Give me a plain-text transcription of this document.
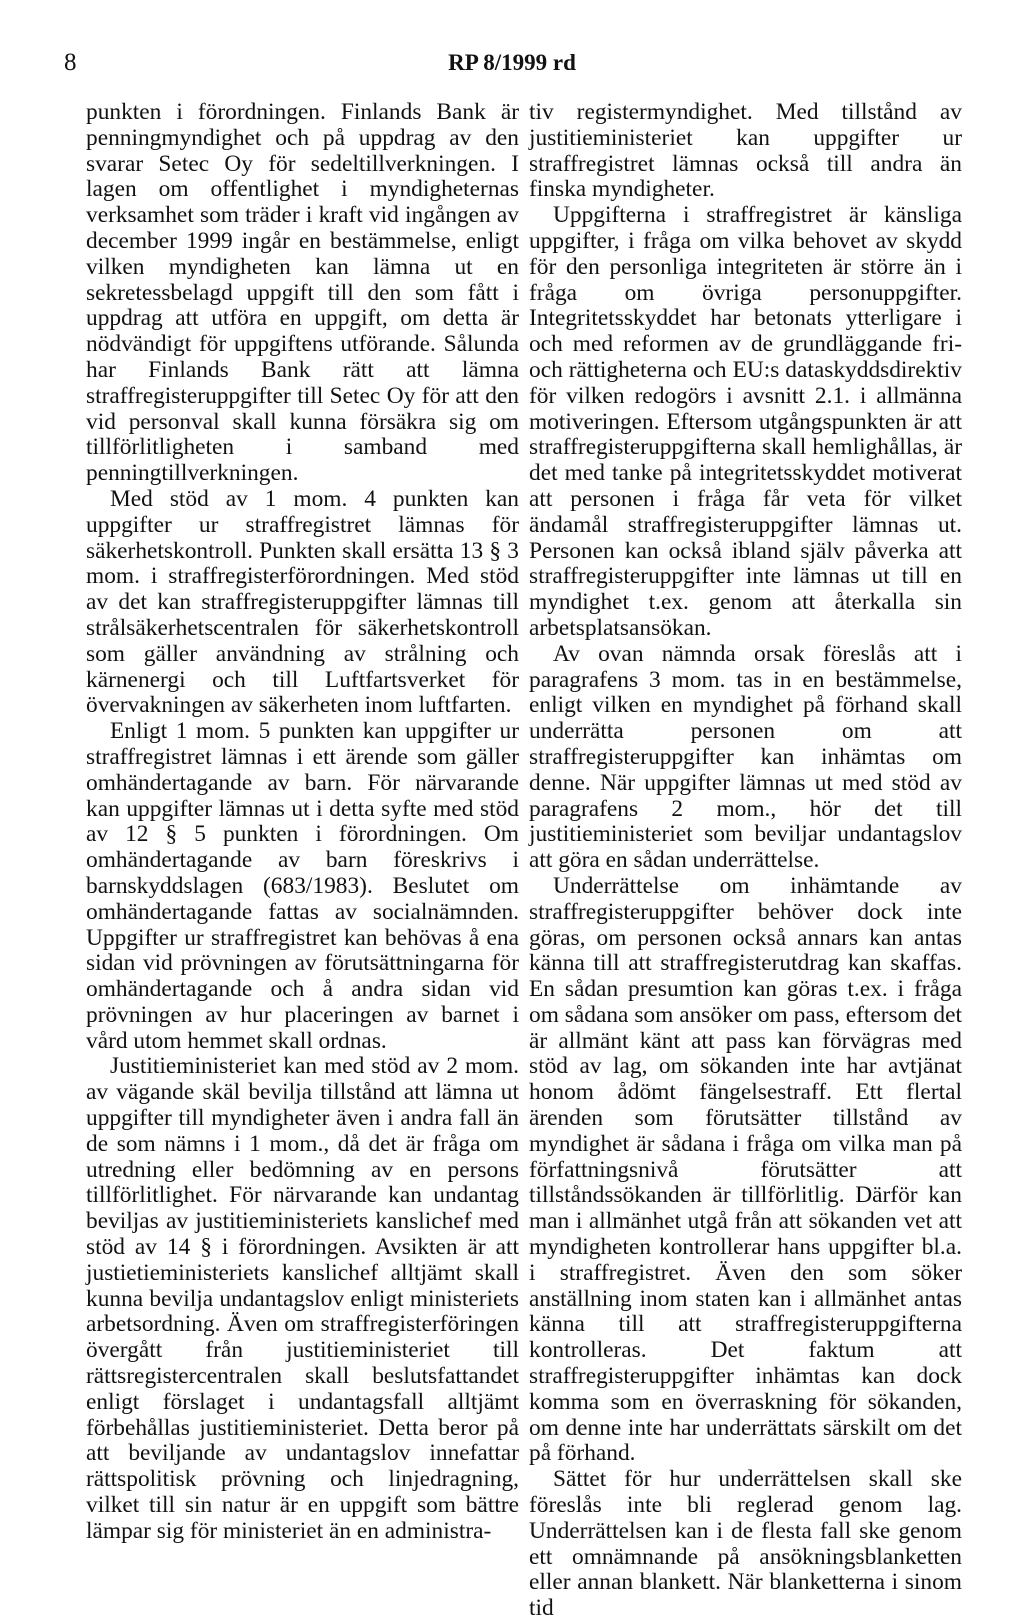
8	RP 8/1999 rd

punkten i förordningen. Finlands Bank är penningmyndighet och på uppdrag av den svarar Setec Oy för sedeltillverkningen. I lagen om offentlighet i myndigheternas verksamhet som träder i kraft vid ingången av december 1999 ingår en bestämmelse, enligt vilken myndigheten kan lämna ut en sekretessbelagd uppgift till den som fått i uppdrag att utföra en uppgift, om detta är nödvändigt för uppgiftens utförande. Sålunda har Finlands Bank rätt att lämna straffregisteruppgifter till Setec Oy för att den vid personval skall kunna försäkra sig om tillförlitligheten i samband med penningtillverkningen.

Med stöd av 1 mom. 4 punkten kan uppgifter ur straffregistret lämnas för säkerhetskontroll. Punkten skall ersätta 13 § 3 mom. i straffregisterförordningen. Med stöd av det kan straffregisteruppgifter lämnas till strålsäkerhetscentralen för säkerhetskontroll som gäller användning av strålning och kärnenergi och till Luftfartsverket för övervakningen av säkerheten inom luftfarten.

Enligt 1 mom. 5 punkten kan uppgifter ur straffregistret lämnas i ett ärende som gäller omhändertagande av barn. För närvarande kan uppgifter lämnas ut i detta syfte med stöd av 12 § 5 punkten i förordningen. Om omhändertagande av barn föreskrivs i barnskyddslagen (683/1983). Beslutet om omhändertagande fattas av socialnämnden. Uppgifter ur straffregistret kan behövas å ena sidan vid prövningen av förutsättningarna för omhändertagande och å andra sidan vid prövningen av hur placeringen av barnet i vård utom hemmet skall ordnas.

Justitieministeriet kan med stöd av 2 mom. av vägande skäl bevilja tillstånd att lämna ut uppgifter till myndigheter även i andra fall än de som nämns i 1 mom., då det är fråga om utredning eller bedömning av en persons tillförlitlighet. För närvarande kan undantag beviljas av justitieministeriets kanslichef med stöd av 14 § i förordningen. Avsikten är att justietieministeriets kanslichef alltjämt skall kunna bevilja undantagslov enligt ministeriets arbetsordning. Även om straffregisterföringen övergått från justitieministeriet till rättsregistercentralen skall beslutsfattandet enligt förslaget i undantagsfall alltjämt förbehållas justitieministeriet. Detta beror på att beviljande av undantagslov innefattar rättspolitisk prövning och linjedragning, vilket till sin natur är en uppgift som bättre lämpar sig för ministeriet än en administra-

tiv registermyndighet. Med tillstånd av justitieministeriet kan uppgifter ur straffregistret lämnas också till andra än finska myndigheter.

Uppgifterna i straffregistret är känsliga uppgifter, i fråga om vilka behovet av skydd för den personliga integriteten är större än i fråga om övriga personuppgifter. Integritetsskyddet har betonats ytterligare i och med reformen av de grundläggande fri- och rättigheterna och EU:s dataskyddsdirektiv för vilken redogörs i avsnitt 2.1. i allmänna motiveringen. Eftersom utgångspunkten är att straffregisteruppgifterna skall hemlighållas, är det med tanke på integritetsskyddet motiverat att personen i fråga får veta för vilket ändamål straffregisteruppgifter lämnas ut. Personen kan också ibland själv påverka att straffregisteruppgifter inte lämnas ut till en myndighet t.ex. genom att återkalla sin arbetsplatsansökan.

Av ovan nämnda orsak föreslås att i paragrafens 3 mom. tas in en bestämmelse, enligt vilken en myndighet på förhand skall underrätta personen om att straffregisteruppgifter kan inhämtas om denne. När uppgifter lämnas ut med stöd av paragrafens 2 mom., hör det till justitieministeriet som beviljar undantagslov att göra en sådan underrättelse.

Underrättelse om inhämtande av straffregisteruppgifter behöver dock inte göras, om personen också annars kan antas känna till att straffregisterutdrag kan skaffas. En sådan presumtion kan göras t.ex. i fråga om sådana som ansöker om pass, eftersom det är allmänt känt att pass kan förvägras med stöd av lag, om sökanden inte har avtjänat honom ådömt fängelsestraff. Ett flertal ärenden som förutsätter tillstånd av myndighet är sådana i fråga om vilka man på författningsnivå förutsätter att tillståndssökanden är tillförlitlig. Därför kan man i allmänhet utgå från att sökanden vet att myndigheten kontrollerar hans uppgifter bl.a. i straffregistret. Även den som söker anställning inom staten kan i allmänhet antas känna till att straffregisteruppgifterna kontrolleras. Det faktum att straffregisteruppgifter inhämtas kan dock komma som en överraskning för sökanden, om denne inte har underrättats särskilt om det på förhand.

Sättet för hur underrättelsen skall ske föreslås inte bli reglerad genom lag. Underrättelsen kan i de flesta fall ske genom ett omnämnande på ansökningsblanketten eller annan blankett. När blanketterna i sinom tid
